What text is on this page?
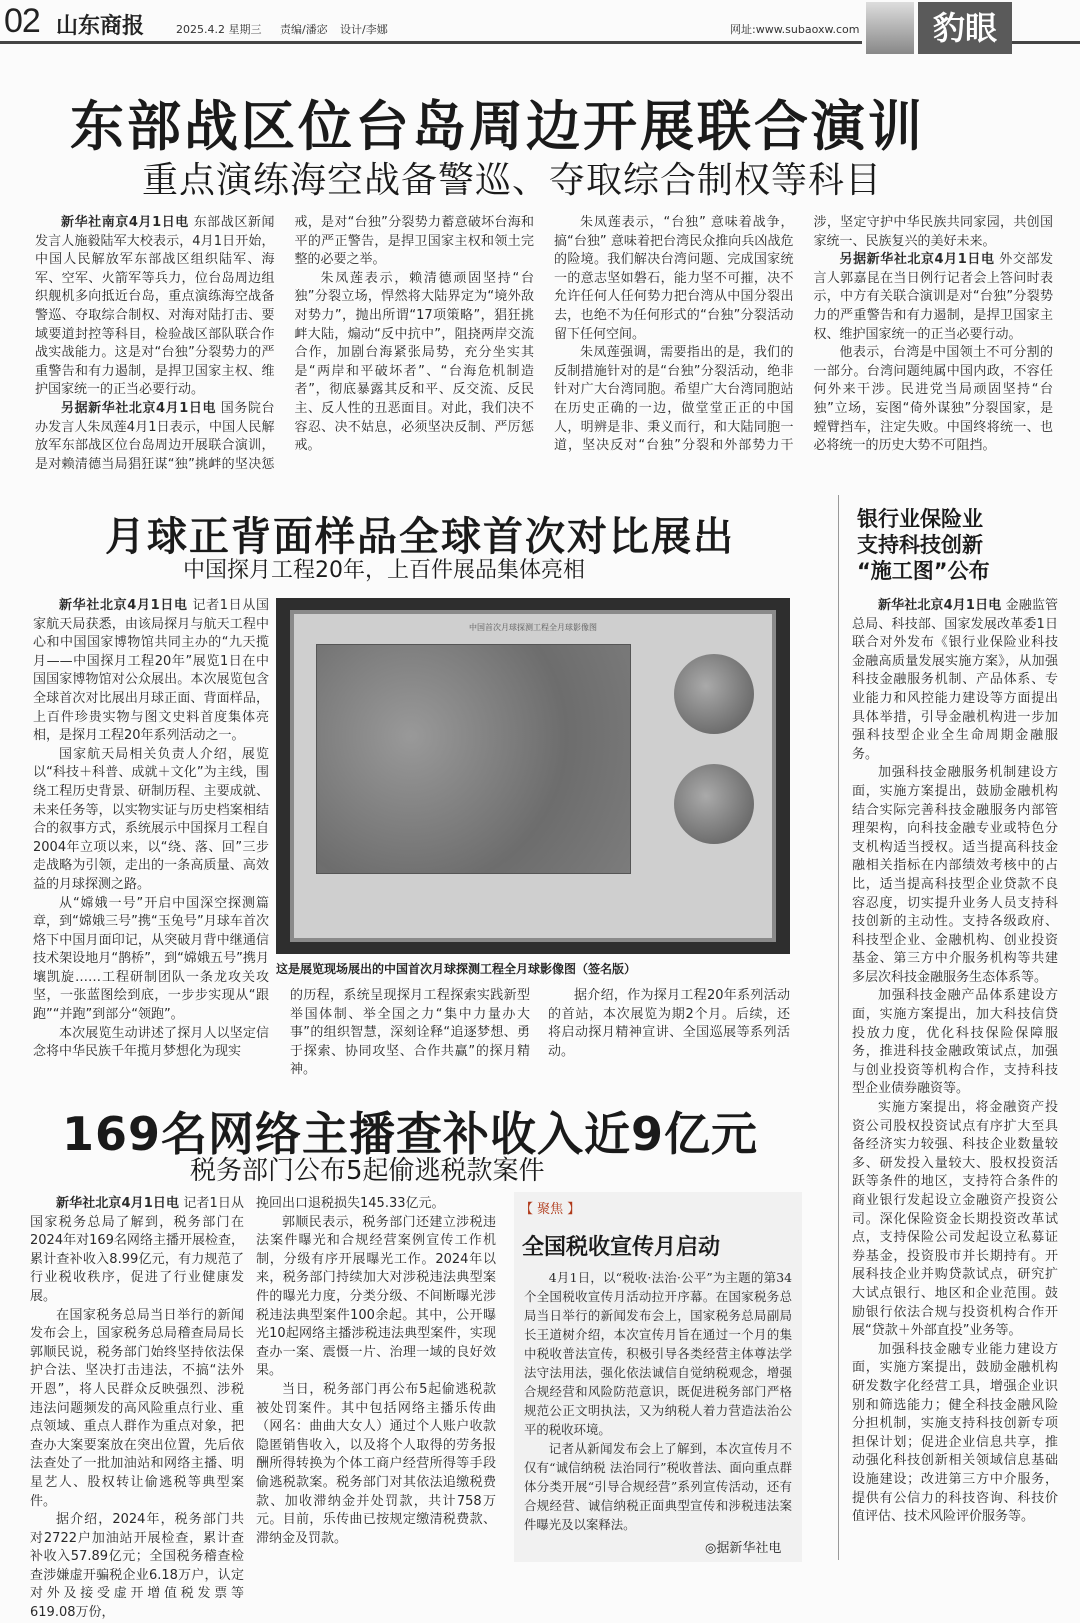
02 山东商报	2025.4.2 星期三 责编/潘宓 设计/李娜	网址:www.subaoxw.com	豹眼
东部战区位台岛周边开展联合演训
重点演练海空战备警巡、夺取综合制权等科目

新华社南京4月1日电 东部战区新闻发言人施毅陆军大校表示，4月1日开始，中国人民解放军东部战区组织陆军、海军、空军、火箭军等兵力，位台岛周边组织舰机多向抵近台岛，重点演练海空战备警巡、夺取综合制权、对海对陆打击、要域要道封控等科目，检验战区部队联合作战实战能力。这是对“台独”分裂势力的严重警告和有力遏制，是捍卫国家主权、维护国家统一的正当必要行动。

另据新华社北京4月1日电 国务院台办发言人朱凤莲4月1日表示，中国人民解放军东部战区位台岛周边开展联合演训，是对赖清德当局猖狂谋“独”挑衅的坚决惩戒，是对“台独”分裂势力蓄意破坏台海和平的严正警告，是捍卫国家主权和领土完整的必要之举。

朱凤莲表示，赖清德顽固坚持“台独”分裂立场，悍然将大陆界定为“境外敌对势力”，抛出所谓“17项策略”，猖狂挑衅大陆，煽动“反中抗中”，阻挠两岸交流合作，加剧台海紧张局势，充分坐实其是“两岸和平破坏者”、“台海危机制造者”，彻底暴露其反和平、反交流、反民主、反人性的丑恶面目。对此，我们决不容忍、决不姑息，必须坚决反制、严厉惩戒。

朱凤莲表示，“台独” 意味着战争，搞“台独” 意味着把台湾民众推向兵凶战危的险境。我们解决台湾问题、完成国家统一的意志坚如磐石，能力坚不可摧，决不允许任何人任何势力把台湾从中国分裂出去，也绝不为任何形式的“台独”分裂活动留下任何空间。

朱凤莲强调，需要指出的是，我们的反制措施针对的是“台独”分裂活动，绝非针对广大台湾同胞。希望广大台湾同胞站在历史正确的一边，做堂堂正正的中国人，明辨是非、秉义而行，和大陆同胞一道，坚决反对“台独”分裂和外部势力干涉，坚定守护中华民族共同家园，共创国家统一、民族复兴的美好未来。

另据新华社北京4月1日电 外交部发言人郭嘉昆在当日例行记者会上答问时表示，中方有关联合演训是对“台独”分裂势力的严重警告和有力遏制，是捍卫国家主权、维护国家统一的正当必要行动。

他表示，台湾是中国领土不可分割的一部分。台湾问题纯属中国内政，不容任何外来干涉。民进党当局顽固坚持“台独”立场，妄图“倚外谋独”分裂国家，是螳臂挡车，注定失败。中国终将统一、也必将统一的历史大势不可阻挡。

月球正背面样品全球首次对比展出
中国探月工程20年，上百件展品集体亮相

新华社北京4月1日电 记者1日从国家航天局获悉，由该局探月与航天工程中心和中国国家博物馆共同主办的“九天揽月——中国探月工程20年”展览1日在中国国家博物馆对公众展出。本次展览包含全球首次对比展出月球正面、背面样品，上百件珍贵实物与图文史料首度集体亮相，是探月工程20年系列活动之一。

国家航天局相关负责人介绍，展览以“科技＋科普、成就＋文化”为主线，围绕工程历史背景、研制历程、主要成就、未来任务等，以实物实证与历史档案相结合的叙事方式，系统展示中国探月工程自2004年立项以来，以“绕、落、回”三步走战略为引领，走出的一条高质量、高效益的月球探测之路。

从“嫦娥一号”开启中国深空探测篇章，到“嫦娥三号”携“玉兔号”月球车首次烙下中国月面印记，从突破月背中继通信技术架设地月“鹊桥”，到“嫦娥五号”携月壤凯旋……工程研制团队一条龙攻关攻坚，一张蓝图绘到底，一步步实现从“跟跑”“并跑”到部分“领跑”。

本次展览生动讲述了探月人以坚定信念将中华民族千年揽月梦想化为现实

中国首次月球探测工程全月球影像图
这是展览现场展出的中国首次月球探测工程全月球影像图（签名版）

的历程，系统呈现探月工程探索实践新型举国体制、举全国之力“集中力量办大事”的组织智慧，深刻诠释“追逐梦想、勇于探索、协同攻坚、合作共赢”的探月精神。

据介绍，作为探月工程20年系列活动的首站，本次展览为期2个月。后续，还将启动探月精神宣讲、全国巡展等系列活动。

银行业保险业
支持科技创新
“施工图”公布

新华社北京4月1日电 金融监管总局、科技部、国家发展改革委1日联合对外发布《银行业保险业科技金融高质量发展实施方案》，从加强科技金融服务机制、产品体系、专业能力和风控能力建设等方面提出具体举措，引导金融机构进一步加强科技型企业全生命周期金融服务。

加强科技金融服务机制建设方面，实施方案提出，鼓励金融机构结合实际完善科技金融服务内部管理架构，向科技金融专业或特色分支机构适当授权。适当提高科技金融相关指标在内部绩效考核中的占比，适当提高科技型企业贷款不良容忍度，切实提升业务人员支持科技创新的主动性。支持各级政府、科技型企业、金融机构、创业投资基金、第三方中介服务机构等共建多层次科技金融服务生态体系等。

加强科技金融产品体系建设方面，实施方案提出，加大科技信贷投放力度，优化科技保险保障服务，推进科技金融政策试点，加强与创业投资等机构合作，支持科技型企业债券融资等。

实施方案提出，将金融资产投资公司股权投资试点有序扩大至具备经济实力较强、科技企业数量较多、研发投入量较大、股权投资活跃等条件的地区，支持符合条件的商业银行发起设立金融资产投资公司。深化保险资金长期投资改革试点，支持保险公司发起设立私募证券基金，投资股市并长期持有。开展科技企业并购贷款试点，研究扩大试点银行、地区和企业范围。鼓励银行依法合规与投资机构合作开展“贷款＋外部直投”业务等。

加强科技金融专业能力建设方面，实施方案提出，鼓励金融机构研发数字化经营工具，增强企业识别和筛选能力；健全科技金融风险分担机制，实施支持科技创新专项担保计划；促进企业信息共享，推动强化科技创新相关领域信息基础设施建设；改进第三方中介服务，提供有公信力的科技咨询、科技价值评估、技术风险评价服务等。

169名网络主播查补收入近9亿元
税务部门公布5起偷逃税款案件

新华社北京4月1日电 记者1日从国家税务总局了解到，税务部门在2024年对169名网络主播开展检查，累计查补收入8.99亿元，有力规范了行业税收秩序，促进了行业健康发展。

在国家税务总局当日举行的新闻发布会上，国家税务总局稽查局局长郭顺民说，税务部门始终坚持依法保护合法、坚决打击违法，不搞“法外开恩”，将人民群众反映强烈、涉税违法问题频发的高风险重点行业、重点领域、重点人群作为重点对象，把查办大案要案放在突出位置，先后依法查处了一批加油站和网络主播、明星艺人、股权转让偷逃税等典型案件。

据介绍，2024年，税务部门共对2722户加油站开展检查，累计查补收入57.89亿元；全国税务稽查检查涉嫌虚开骗税企业6.18万户，认定对外及接受虚开增值税发票等619.08万份，

挽回出口退税损失145.33亿元。

郭顺民表示，税务部门还建立涉税违法案件曝光和合规经营案例宣传工作机制，分级有序开展曝光工作。2024年以来，税务部门持续加大对涉税违法典型案件的曝光力度，分类分级、不间断曝光涉税违法典型案件100余起。其中，公开曝光10起网络主播涉税违法典型案件，实现查办一案、震慑一片、治理一域的良好效果。

当日，税务部门再公布5起偷逃税款被处罚案件。其中包括网络主播乐传曲（网名：曲曲大女人）通过个人账户收款隐匿销售收入，以及将个人取得的劳务报酬所得转换为个体工商户经营所得等手段偷逃税款案。税务部门对其依法追缴税费款、加收滞纳金并处罚款，共计758万元。目前，乐传曲已按规定缴清税费款、滞纳金及罚款。

【 聚焦 】
全国税收宣传月启动

4月1日，以“税收·法治·公平”为主题的第34个全国税收宣传月活动拉开序幕。在国家税务总局当日举行的新闻发布会上，国家税务总局副局长王道树介绍，本次宣传月旨在通过一个月的集中税收普法宣传，积极引导各类经营主体尊法学法守法用法，强化依法诚信自觉纳税观念，增强合规经营和风险防范意识，既促进税务部门严格规范公正文明执法，又为纳税人着力营造法治公平的税收环境。

记者从新闻发布会上了解到，本次宣传月不仅有“诚信纳税 法治同行”税收普法、面向重点群体分类开展“引导合规经营”系列宣传活动，还有合规经营、诚信纳税正面典型宣传和涉税违法案件曝光及以案释法。

◎据新华社电
